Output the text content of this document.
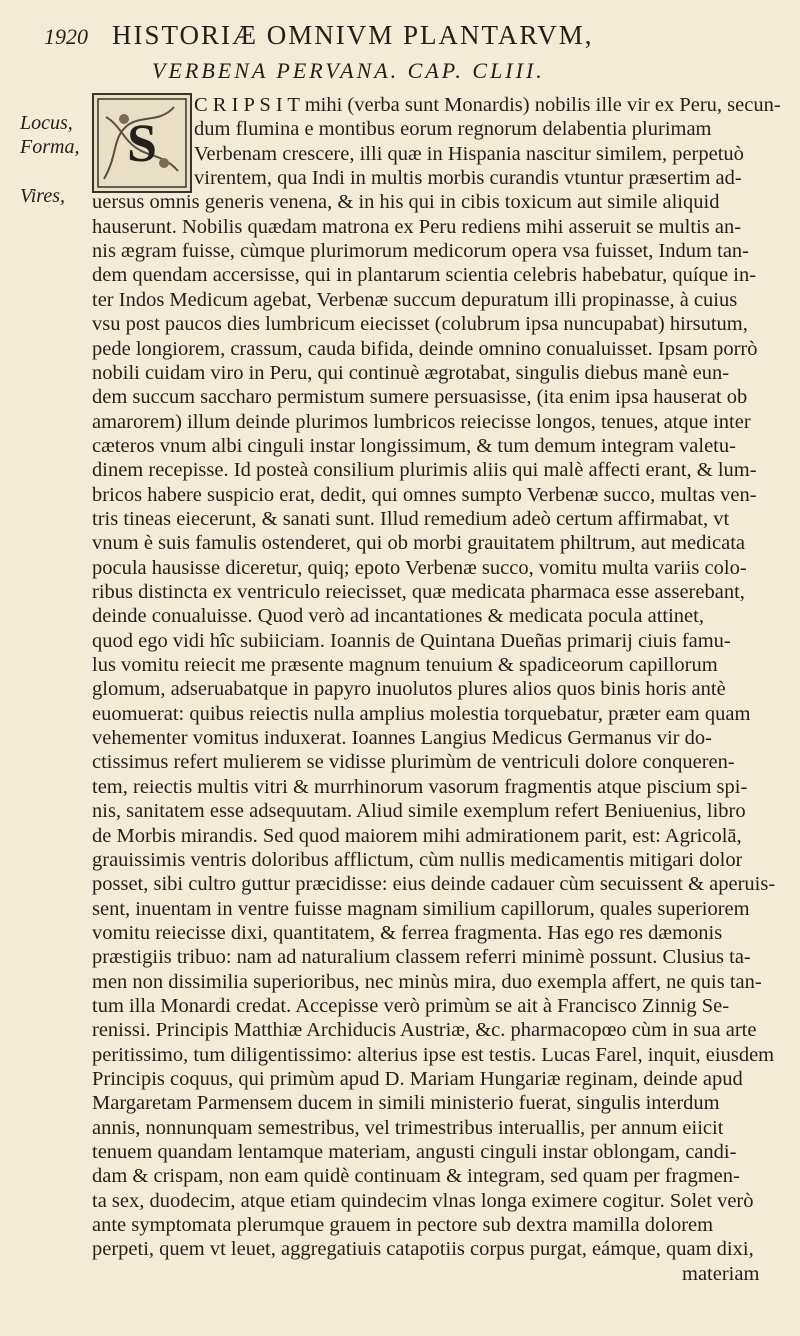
1920 HISTORIÆ OMNIVM PLANTARVM,
VERBENA PERVANA. CAP. CLIII.
Locus,
Forma,
Vires,
S
C R I P S I T mihi (verba sunt Monardis) nobilis ille vir ex Peru, secun-
dum flumina e montibus eorum regnorum delabentia plurimam
Verbenam crescere, illi quæ in Hispania nascitur similem, perpetuò
virentem, qua Indi in multis morbis curandis vtuntur præsertim ad-
uersus omnis generis venena, & in his qui in cibis toxicum aut simile aliquid
hauserunt. Nobilis quædam matrona ex Peru rediens mihi asseruit se multis an-
nis ægram fuisse, cùmque plurimorum medicorum opera vsa fuisset, Indum tan-
dem quendam accersisse, qui in plantarum scientia celebris habebatur, quíque in-
ter Indos Medicum agebat, Verbenæ succum depuratum illi propinasse, à cuius
vsu post paucos dies lumbricum eiecisset (colubrum ipsa nuncupabat) hirsutum,
pede longiorem, crassum, cauda bifida, deinde omnino conualuisset. Ipsam porrò
nobili cuidam viro in Peru, qui continuè ægrotabat, singulis diebus manè eun-
dem succum saccharo permistum sumere persuasisse, (ita enim ipsa hauserat ob
amarorem) illum deinde plurimos lumbricos reiecisse longos, tenues, atque inter
cæteros vnum albi cinguli instar longissimum, & tum demum integram valetu-
dinem recepisse. Id posteà consilium plurimis aliis qui malè affecti erant, & lum-
bricos habere suspicio erat, dedit, qui omnes sumpto Verbenæ succo, multas ven-
tris tineas eiecerunt, & sanati sunt. Illud remedium adeò certum affirmabat, vt
vnum è suis famulis ostenderet, qui ob morbi grauitatem philtrum, aut medicata
pocula hausisse diceretur, quiq; epoto Verbenæ succo, vomitu multa variis colo-
ribus distincta ex ventriculo reiecisset, quæ medicata pharmaca esse asserebant,
deinde conualuisse. Quod verò ad incantationes & medicata pocula attinet,
quod ego vidi hîc subiiciam. Ioannis de Quintana Dueñas primarij ciuis famu-
lus vomitu reiecit me præsente magnum tenuium & spadiceorum capillorum
glomum, adseruabatque in papyro inuolutos plures alios quos binis horis antè
euomuerat: quibus reiectis nulla amplius molestia torquebatur, præter eam quam
vehementer vomitus induxerat. Ioannes Langius Medicus Germanus vir do-
ctissimus refert mulierem se vidisse plurimùm de ventriculi dolore conqueren-
tem, reiectis multis vitri & murrhinorum vasorum fragmentis atque piscium spi-
nis, sanitatem esse adsequutam. Aliud simile exemplum refert Beniuenius, libro
de Morbis mirandis. Sed quod maiorem mihi admirationem parit, est: Agricolā,
grauissimis ventris doloribus afflictum, cùm nullis medicamentis mitigari dolor
posset, sibi cultro guttur præcidisse: eius deinde cadauer cùm secuissent & aperuis-
sent, inuentam in ventre fuisse magnam similium capillorum, quales superiorem
vomitu reiecisse dixi, quantitatem, & ferrea fragmenta. Has ego res dæmonis
præstigiis tribuo: nam ad naturalium classem referri minimè possunt. Clusius ta-
men non dissimilia superioribus, nec minùs mira, duo exempla affert, ne quis tan-
tum illa Monardi credat. Accepisse verò primùm se ait à Francisco Zinnig Se-
renissi. Principis Matthiæ Archiducis Austriæ, &c. pharmacopœo cùm in sua arte
peritissimo, tum diligentissimo: alterius ipse est testis. Lucas Farel, inquit, eiusdem
Principis coquus, qui primùm apud D. Mariam Hungariæ reginam, deinde apud
Margaretam Parmensem ducem in simili ministerio fuerat, singulis interdum
annis, nonnunquam semestribus, vel trimestribus interuallis, per annum eiicit
tenuem quandam lentamque materiam, angusti cinguli instar oblongam, candi-
dam & crispam, non eam quidè continuam & integram, sed quam per fragmen-
ta sex, duodecim, atque etiam quindecim vlnas longa eximere cogitur. Solet verò
ante symptomata plerumque grauem in pectore sub dextra mamilla dolorem
perpeti, quem vt leuet, aggregatiuis catapotiis corpus purgat, eámque, quam dixi,
materiam
